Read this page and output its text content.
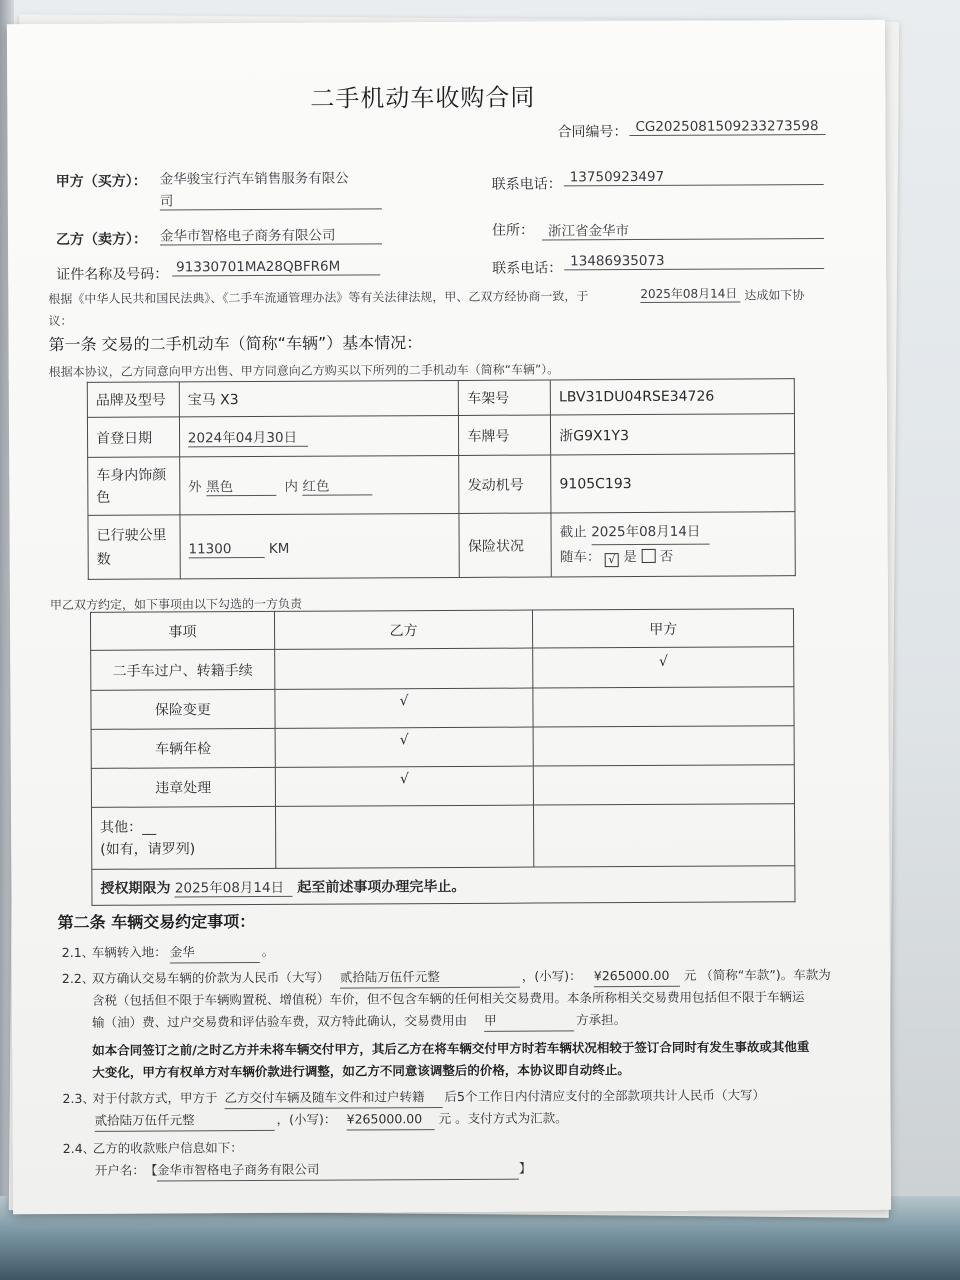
二手机动车收购合同
合同编号： CG2025081509233273598
甲方（买方）： 金华骏宝行汽车销售服务有限公
司
联系电话： 13750923497
乙方（卖方）： 金华市智格电子商务有限公司	住所：	浙江省金华市
证件名称及号码： 91330701MA28QBFR6M	联系电话： 13486935073
根据《中华人民共和国民法典》、《二手车流通管理办法》等有关法律法规，甲、乙双方经协商一致，于	2025年08月14日 达成如下协
议：
第一条 交易的二手机动车（简称“车辆”）基本情况：
根据本协议，乙方同意向甲方出售、甲方同意向乙方购买以下所列的二手机动车（简称“车辆”）。
品牌及型号	宝马 X3	车架号	LBV31DU04RSE34726
首登日期	2024年04月30日	车牌号	浙G9X1Y3
车身内饰颜
色	外 黑色 内 红色	发动机号	9105C193
已行驶公里
数	11300 KM	保险状况	截止 2025年08月14日
随车： √ 是 否
甲乙双方约定，如下事项由以下勾选的一方负责
事项	乙方	甲方
二手车过户、转籍手续		√
保险变更	√	
车辆年检	√	
违章处理	√	
其他：__
(如有，请罗列)		
授权期限为 2025年08月14日 起至前述事项办理完毕止。		
第二条 车辆交易约定事项：
2.1、
车辆转入地： 金华	。
2.2、
双方确认交易车辆的价款为人民币（大写） 贰拾陆万伍仟元整	，(小写)： ¥265000.00	元 （简称“车款”)。车款为
含税（包括但不限于车辆购置税、增值税）车价，但不包含车辆的任何相关交易费用。本条所称相关交易费用包括但不限于车辆运
输（油）费、过户交易费和评估验车费，双方特此确认，交易费用由 甲	方承担。
如本合同签订之前/之时乙方并未将车辆交付甲方，其后乙方在将车辆交付甲方时若车辆状况相较于签订合同时有发生事故或其他重
大变化，甲方有权单方对车辆价款进行调整，如乙方不同意该调整后的价格，本协议即自动终止。
2.3、
对于付款方式，甲方于 乙方交付车辆及随车文件和过户转籍	后5个工作日内付清应支付的全部款项共计人民币（大写）
贰拾陆万伍仟元整	，(小写)： ¥265000.00	元 。支付方式为汇款。
2.4、
乙方的收款账户信息如下：
开户名： 【 金华市智格电子商务有限公司	】
